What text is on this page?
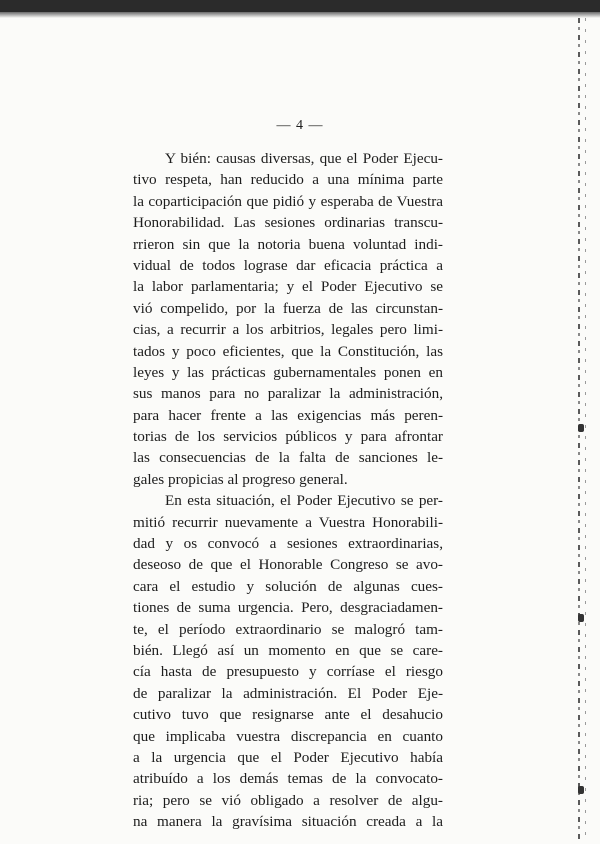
— 4 —
Y bién: causas diversas, que el Poder Ejecu-
tivo respeta, han reducido a una mínima parte
la coparticipación que pidió y esperaba de Vuestra
Honorabilidad. Las sesiones ordinarias transcu-
rrieron sin que la notoria buena voluntad indi-
vidual de todos lograse dar eficacia práctica a
la labor parlamentaria; y el Poder Ejecutivo se
vió compelido, por la fuerza de las circunstan-
cias, a recurrir a los arbitrios, legales pero limi-
tados y poco eficientes, que la Constitución, las
leyes y las prácticas gubernamentales ponen en
sus manos para no paralizar la administración,
para hacer frente a las exigencias más peren-
torias de los servicios públicos y para afrontar
las consecuencias de la falta de sanciones le-
gales propicias al progreso general.
En esta situación, el Poder Ejecutivo se per-
mitió recurrir nuevamente a Vuestra Honorabili-
dad y os convocó a sesiones extraordinarias,
deseoso de que el Honorable Congreso se avo-
cara el estudio y solución de algunas cues-
tiones de suma urgencia. Pero, desgraciadamen-
te, el período extraordinario se malogró tam-
bién. Llegó así un momento en que se care-
cía hasta de presupuesto y corríase el riesgo
de paralizar la administración. El Poder Eje-
cutivo tuvo que resignarse ante el desahucio
que implicaba vuestra discrepancia en cuanto
a la urgencia que el Poder Ejecutivo había
atribuído a los demás temas de la convocato-
ria; pero se vió obligado a resolver de algu-
na manera la gravísima situación creada a la
